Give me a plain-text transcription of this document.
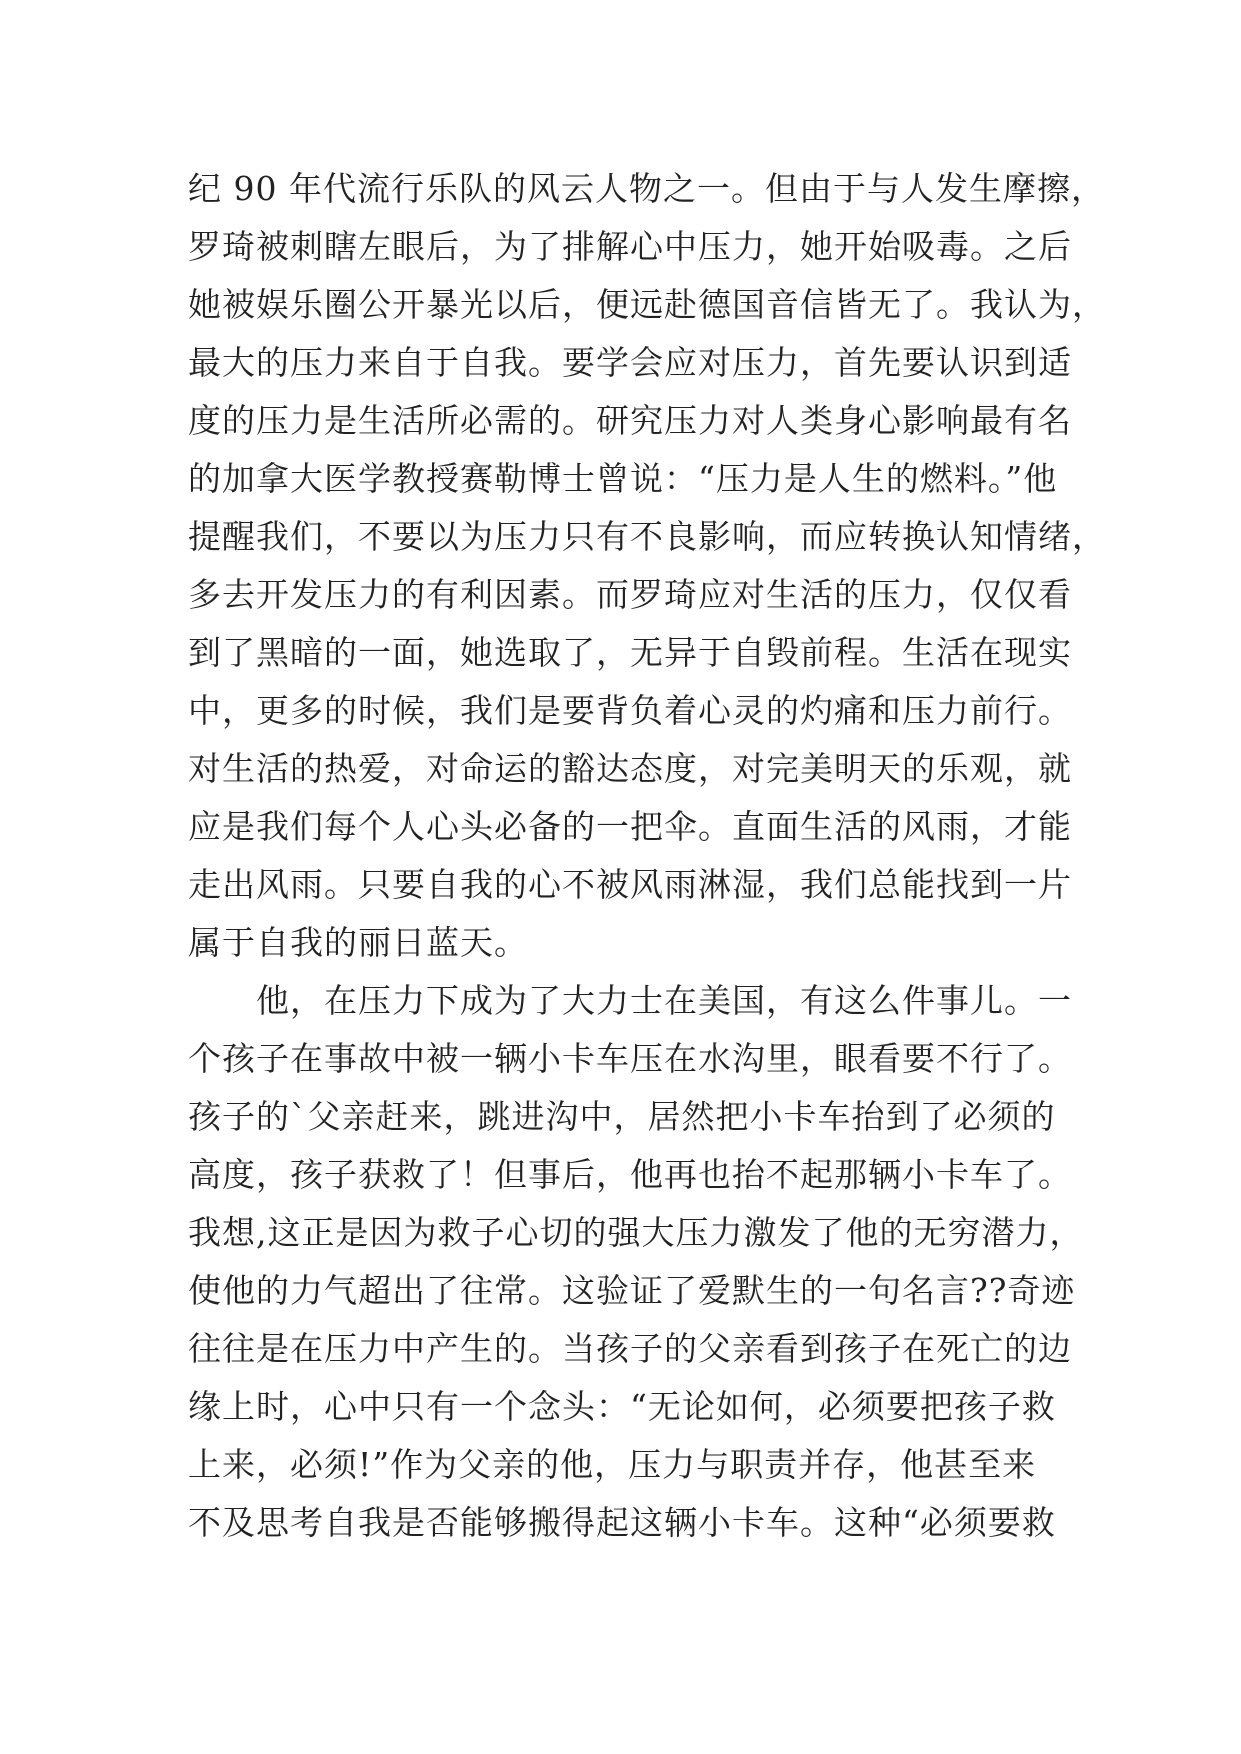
纪 90 年代流行乐队的风云人物之一。但由于与人发生摩擦，
罗琦被刺瞎左眼后，为了排解心中压力，她开始吸毒。之后
她被娱乐圈公开暴光以后，便远赴德国音信皆无了。我认为，
最大的压力来自于自我。要学会应对压力，首先要认识到适
度的压力是生活所必需的。研究压力对人类身心影响最有名
的加拿大医学教授赛勒博士曾说：“压力是人生的燃料。”他
提醒我们，不要以为压力只有不良影响，而应转换认知情绪，
多去开发压力的有利因素。而罗琦应对生活的压力，仅仅看
到了黑暗的一面，她选取了，无异于自毁前程。生活在现实
中，更多的时候，我们是要背负着心灵的灼痛和压力前行。
对生活的热爱，对命运的豁达态度，对完美明天的乐观，就
应是我们每个人心头必备的一把伞。直面生活的风雨，才能
走出风雨。只要自我的心不被风雨淋湿，我们总能找到一片
属于自我的丽日蓝天。
　　他，在压力下成为了大力士在美国，有这么件事儿。一
个孩子在事故中被一辆小卡车压在水沟里，眼看要不行了。
孩子的`父亲赶来，跳进沟中，居然把小卡车抬到了必须的
高度，孩子获救了！但事后，他再也抬不起那辆小卡车了。
我想,这正是因为救子心切的强大压力激发了他的无穷潜力，
使他的力气超出了往常。这验证了爱默生的一句名言??奇迹
往往是在压力中产生的。当孩子的父亲看到孩子在死亡的边
缘上时，心中只有一个念头：“无论如何，必须要把孩子救
上来，必须!”作为父亲的他，压力与职责并存，他甚至来
不及思考自我是否能够搬得起这辆小卡车。这种“必须要救
